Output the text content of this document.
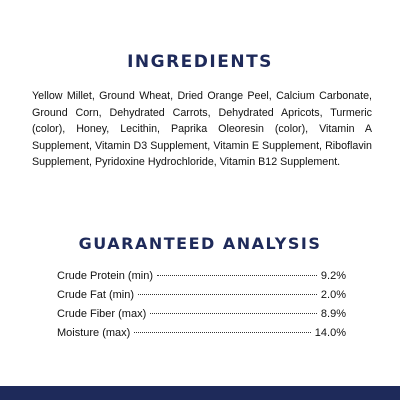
INGREDIENTS

Yellow Millet, Ground Wheat, Dried Orange Peel, Calcium Carbonate, Ground Corn, Dehydrated Carrots, Dehydrated Apricots, Turmeric (color), Honey, Lecithin, Paprika Oleoresin (color), Vitamin A Supplement, Vitamin D3 Supplement, Vitamin E Supplement, Riboflavin Supplement, Pyridoxine Hydrochloride, Vitamin B12 Supplement.

GUARANTEED ANALYSIS
Crude Protein (min)	9.2%
Crude Fat (min)	2.0%
Crude Fiber (max)	8.9%
Moisture (max)	14.0%
